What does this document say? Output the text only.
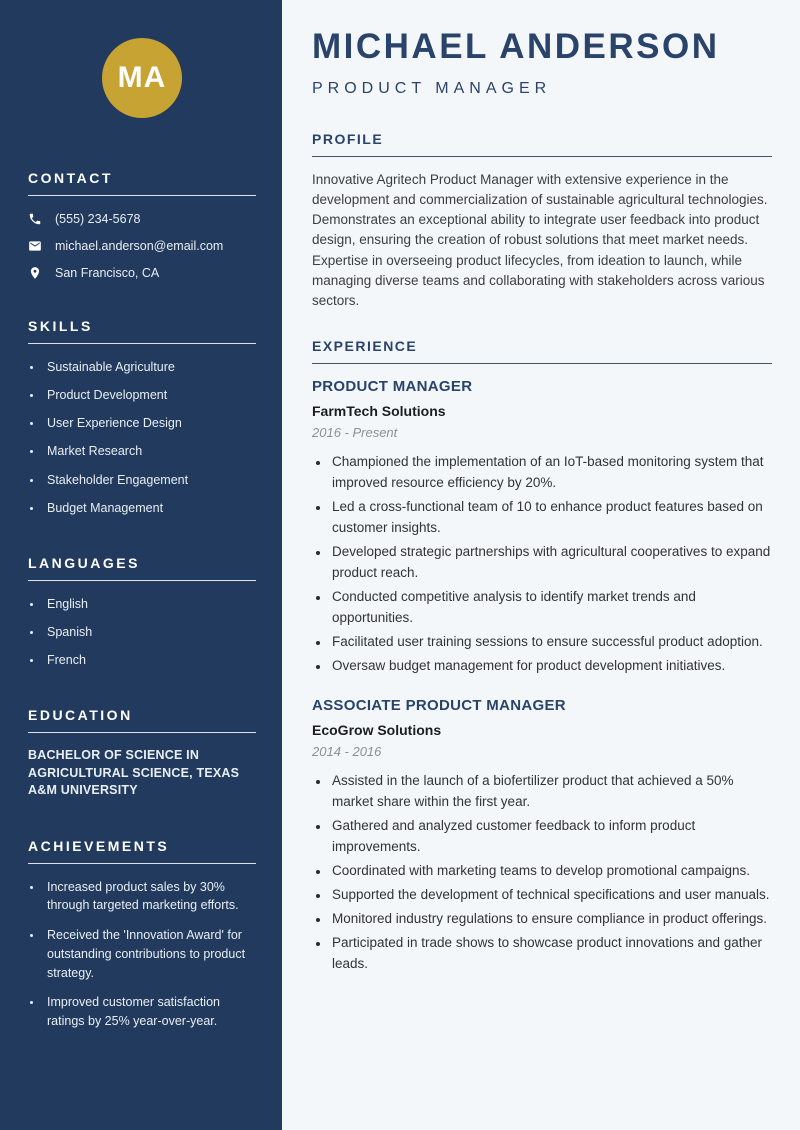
MA
CONTACT
(555) 234-5678
michael.anderson@email.com
San Francisco, CA
SKILLS
• Sustainable Agriculture
• Product Development
• User Experience Design
• Market Research
• Stakeholder Engagement
• Budget Management
LANGUAGES
• English
• Spanish
• French
EDUCATION

BACHELOR OF SCIENCE IN AGRICULTURAL SCIENCE, TEXAS A&M UNIVERSITY

ACHIEVEMENTS
• Increased product sales by 30% through targeted marketing efforts.
• Received the 'Innovation Award' for outstanding contributions to product strategy.
• Improved customer satisfaction ratings by 25% year-over-year.
MICHAEL ANDERSON
PRODUCT MANAGER
PROFILE

Innovative Agritech Product Manager with extensive experience in the development and commercialization of sustainable agricultural technologies. Demonstrates an exceptional ability to integrate user feedback into product design, ensuring the creation of robust solutions that meet market needs. Expertise in overseeing product lifecycles, from ideation to launch, while managing diverse teams and collaborating with stakeholders across various sectors.

EXPERIENCE
PRODUCT MANAGER
FarmTech Solutions
2016 - Present
• Championed the implementation of an IoT-based monitoring system that improved resource efficiency by 20%.
• Led a cross-functional team of 10 to enhance product features based on customer insights.
• Developed strategic partnerships with agricultural cooperatives to expand product reach.
• Conducted competitive analysis to identify market trends and opportunities.
• Facilitated user training sessions to ensure successful product adoption.
• Oversaw budget management for product development initiatives.
ASSOCIATE PRODUCT MANAGER
EcoGrow Solutions
2014 - 2016
• Assisted in the launch of a biofertilizer product that achieved a 50% market share within the first year.
• Gathered and analyzed customer feedback to inform product improvements.
• Coordinated with marketing teams to develop promotional campaigns.
• Supported the development of technical specifications and user manuals.
• Monitored industry regulations to ensure compliance in product offerings.
• Participated in trade shows to showcase product innovations and gather leads.
